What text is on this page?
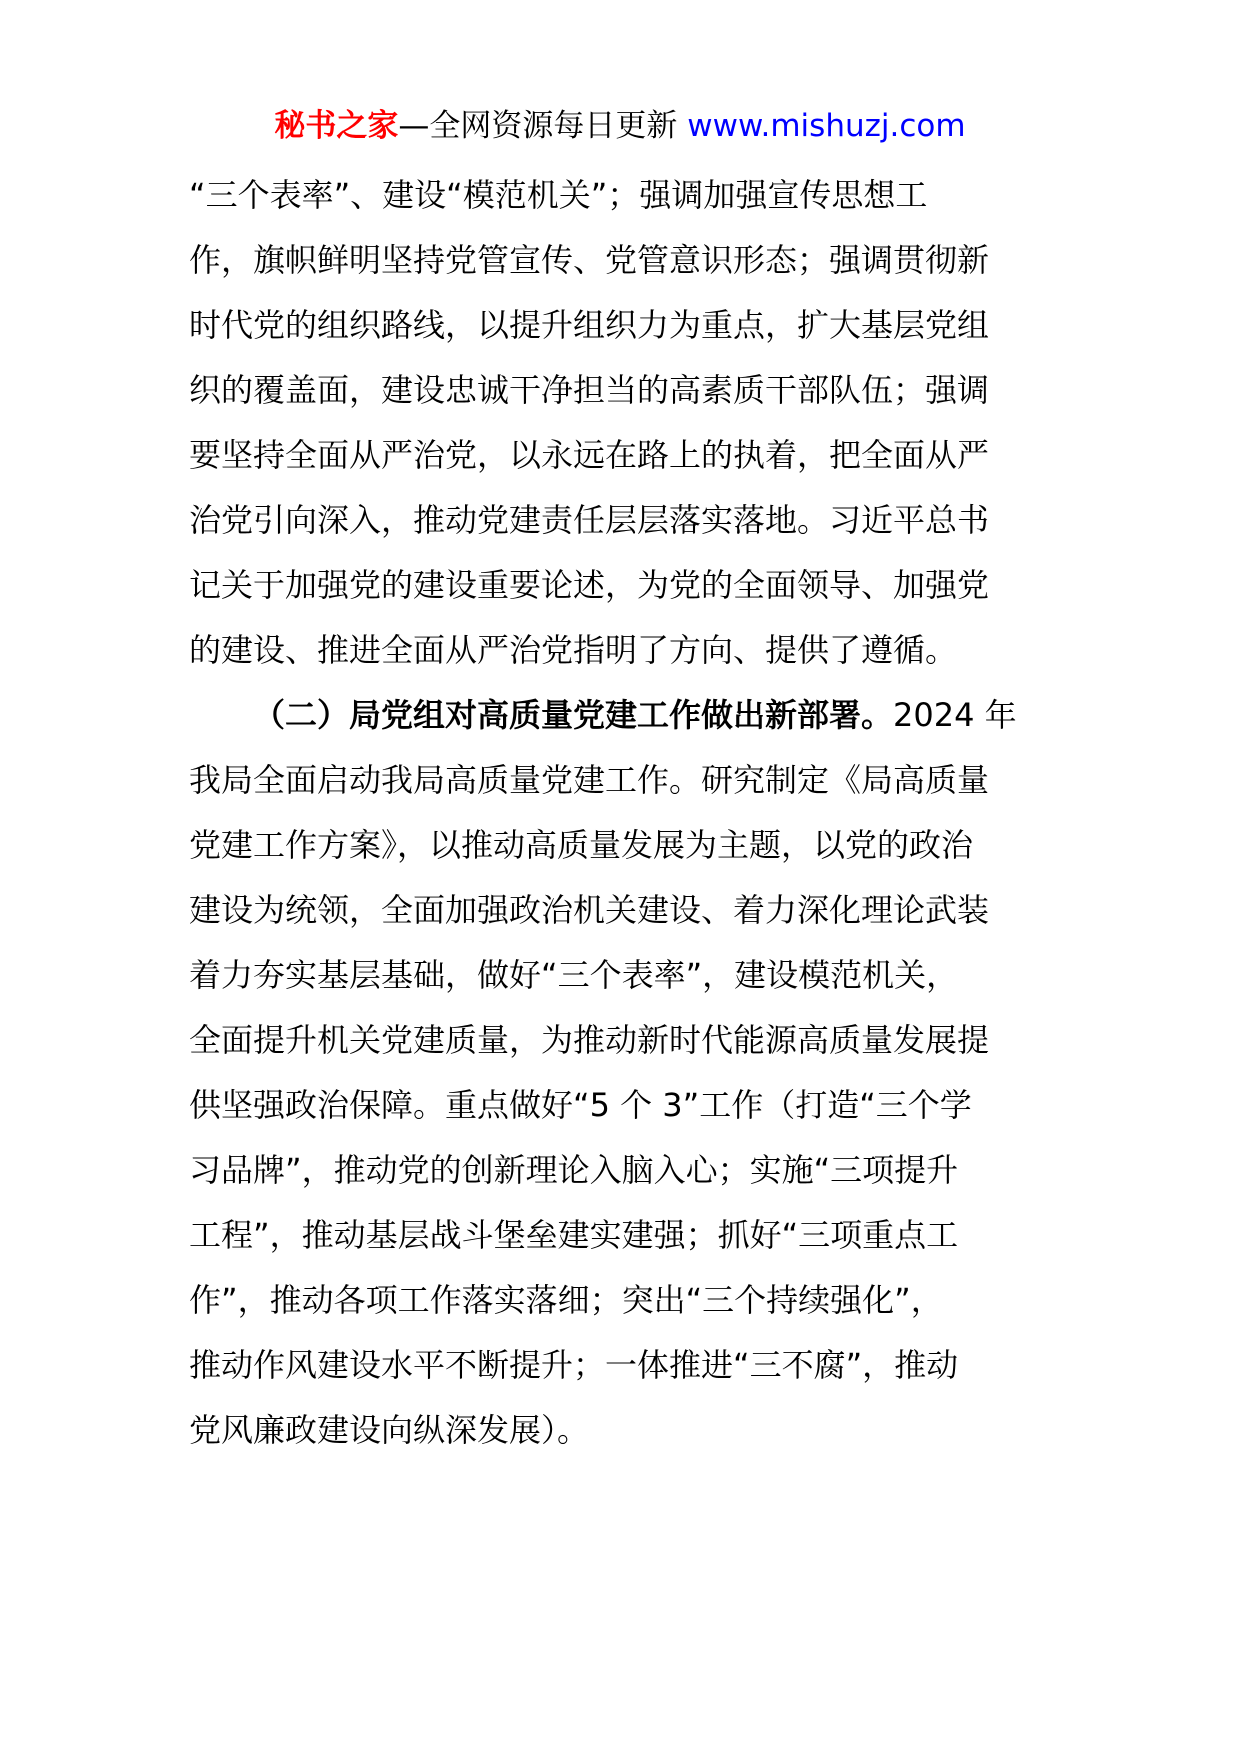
秘书之家—全网资源每日更新 www.mishuzj.com
“三个表率”、建设“模范机关”；强调加强宣传思想工
作，旗帜鲜明坚持党管宣传、党管意识形态；强调贯彻新
时代党的组织路线，以提升组织力为重点，扩大基层党组
织的覆盖面，建设忠诚干净担当的高素质干部队伍；强调
要坚持全面从严治党，以永远在路上的执着，把全面从严
治党引向深入，推动党建责任层层落实落地。习近平总书
记关于加强党的建设重要论述，为党的全面领导、加强党
的建设、推进全面从严治党指明了方向、提供了遵循。
（二）局党组对高质量党建工作做出新部署。2024 年
我局全面启动我局高质量党建工作。研究制定《局高质量
党建工作方案》，以推动高质量发展为主题，以党的政治
建设为统领，全面加强政治机关建设、着力深化理论武装
着力夯实基层基础，做好“三个表率”，建设模范机关，
全面提升机关党建质量，为推动新时代能源高质量发展提
供坚强政治保障。重点做好“5 个 3”工作（打造“三个学
习品牌”，推动党的创新理论入脑入心；实施“三项提升
工程”，推动基层战斗堡垒建实建强；抓好“三项重点工
作”，推动各项工作落实落细；突出“三个持续强化”，
推动作风建设水平不断提升；一体推进“三不腐”，推动
党风廉政建设向纵深发展）。
